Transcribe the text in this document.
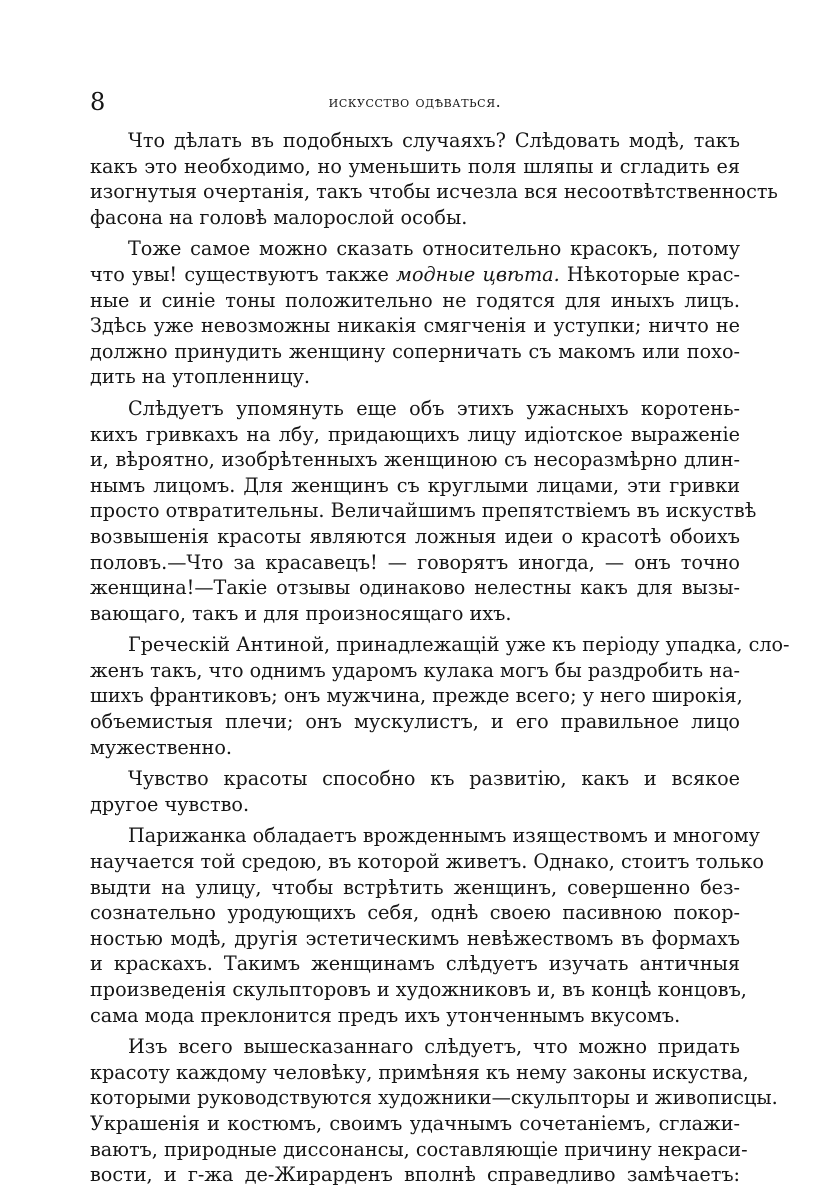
8	искусство одѣваться.
Что дѣлать въ подобныхъ случаяхъ? Слѣдовать модѣ, такъ
какъ это необходимо, но уменьшить поля шляпы и сгладить ея
изогнутыя очертанія, такъ чтобы исчезла вся несоотвѣтственность
фасона на головѣ малорослой особы.
Тоже самое можно сказать относительно красокъ, потому
что увы! существуютъ также модные цвѣта. Нѣкоторые крас-
ные и синіе тоны положительно не годятся для иныхъ лицъ.
Здѣсь уже невозможны никакія смягченія и уступки; ничто не
должно принудить женщину соперничать съ макомъ или похо-
дить на утопленницу.
Слѣдуетъ упомянуть еще объ этихъ ужасныхъ коротень-
кихъ гривкахъ на лбу, придающихъ лицу идіотское выраженіе
и, вѣроятно, изобрѣтенныхъ женщиною съ несоразмѣрно длин-
нымъ лицомъ. Для женщинъ съ круглыми лицами, эти гривки
просто отвратительны. Величайшимъ препятствіемъ въ искуствѣ
возвышенія красоты являются ложныя идеи о красотѣ обоихъ
половъ.—Что за красавецъ! — говорятъ иногда, — онъ точно
женщина!—Такіе отзывы одинаково нелестны какъ для вызы-
вающаго, такъ и для произносящаго ихъ.
Греческій Антиной, принадлежащій уже къ періоду упадка, сло-
женъ такъ, что однимъ ударомъ кулака могъ бы раздробить на-
шихъ франтиковъ; онъ мужчина, прежде всего; у него широкія,
объемистыя плечи; онъ мускулистъ, и его правильное лицо
мужественно.
Чувство красоты способно къ развитію, какъ и всякое
другое чувство.
Парижанка обладаетъ врожденнымъ изяществомъ и многому
научается той средою, въ которой живетъ. Однако, стоитъ только
выдти на улицу, чтобы встрѣтить женщинъ, совершенно без-
сознательно уродующихъ себя, однѣ своею пасивною покор-
ностью модѣ, другія эстетическимъ невѣжествомъ въ формахъ
и краскахъ. Такимъ женщинамъ слѣдуетъ изучать античныя
произведенія скульпторовъ и художниковъ и, въ концѣ концовъ,
сама мода преклонится предъ ихъ утонченнымъ вкусомъ.
Изъ всего вышесказаннаго слѣдуетъ, что можно придать
красоту каждому человѣку, примѣняя къ нему законы искуства,
которыми руководствуются художники—скульпторы и живописцы.
Украшенія и костюмъ, своимъ удачнымъ сочетаніемъ, сглажи-
ваютъ, природные диссонансы, составляющіе причину некраси-
вости, и г-жа де-Жирарденъ вполнѣ справедливо замѣчаетъ:
